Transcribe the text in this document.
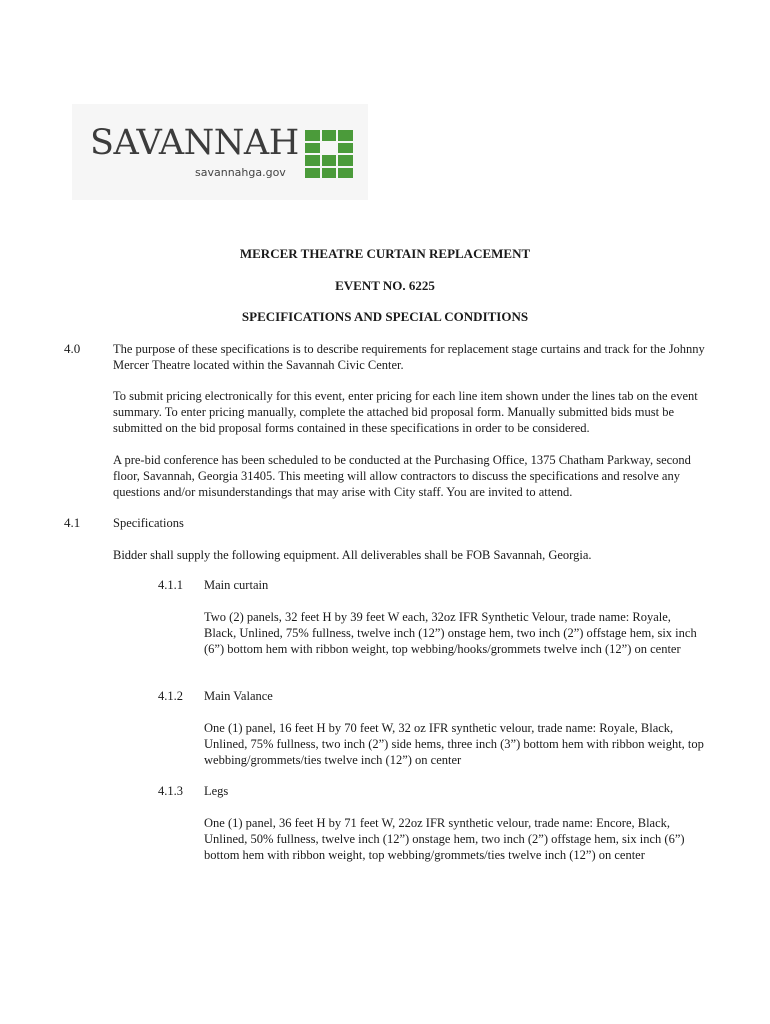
SAVANNAH
savannahga.gov
MERCER THEATRE CURTAIN REPLACEMENT
EVENT NO. 6225
SPECIFICATIONS AND SPECIAL CONDITIONS
4.0	The purpose of these specifications is to describe requirements for replacement stage curtains and track for the Johnny Mercer Theatre located within the Savannah Civic Center.
To submit pricing electronically for this event, enter pricing for each line item shown under the lines tab on the event summary. To enter pricing manually, complete the attached bid proposal form. Manually submitted bids must be submitted on the bid proposal forms contained in these specifications in order to be considered.
A pre-bid conference has been scheduled to be conducted at the Purchasing Office, 1375 Chatham Parkway, second floor, Savannah, Georgia 31405. This meeting will allow contractors to discuss the specifications and resolve any questions and/or misunderstandings that may arise with City staff. You are invited to attend.
4.1	Specifications
Bidder shall supply the following equipment. All deliverables shall be FOB Savannah, Georgia.
4.1.1 Main curtain
Two (2) panels, 32 feet H by 39 feet W each, 32oz IFR Synthetic Velour, trade name: Royale, Black, Unlined, 75% fullness, twelve inch (12”) onstage hem, two inch (2”) offstage hem, six inch (6”) bottom hem with ribbon weight, top webbing/hooks/grommets twelve inch (12”) on center
4.1.2 Main Valance
One (1) panel, 16 feet H by 70 feet W, 32 oz IFR synthetic velour, trade name: Royale, Black, Unlined, 75% fullness, two inch (2”) side hems, three inch (3”) bottom hem with ribbon weight, top webbing/grommets/ties twelve inch (12”) on center
4.1.3 Legs
One (1) panel, 36 feet H by 71 feet W, 22oz IFR synthetic velour, trade name: Encore, Black, Unlined, 50% fullness, twelve inch (12”) onstage hem, two inch (2”) offstage hem, six inch (6”) bottom hem with ribbon weight, top webbing/grommets/ties twelve inch (12”) on center
